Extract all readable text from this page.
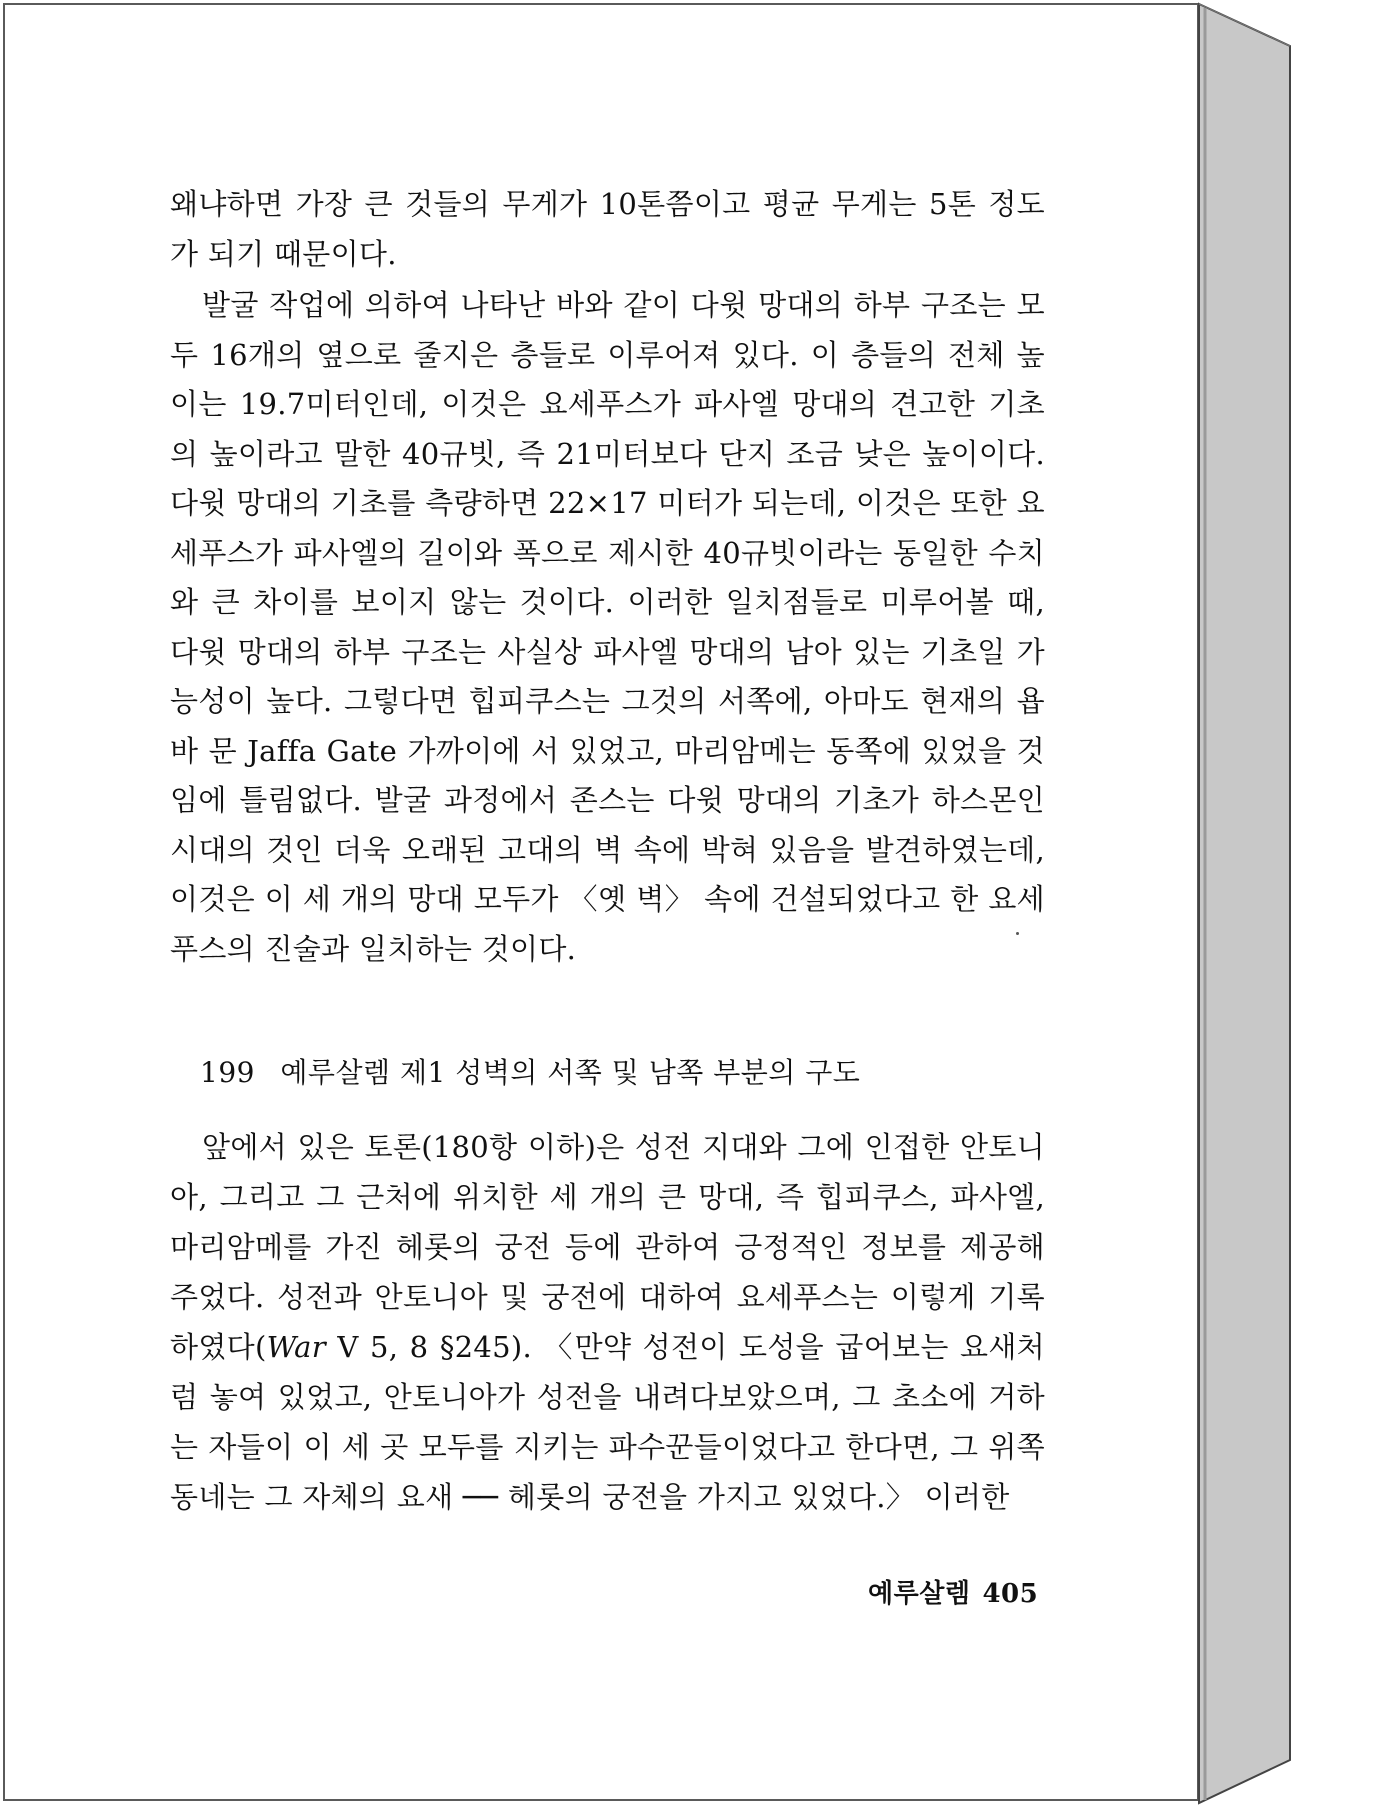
왜냐하면 가장 큰 것들의 무게가 10톤쯤이고 평균 무게는 5톤 정도가 되기 때문이다.

발굴 작업에 의하여 나타난 바와 같이 다윗 망대의 하부 구조는 모두 16개의 옆으로 줄지은 층들로 이루어져 있다. 이 층들의 전체 높이는 19.7미터인데, 이것은 요세푸스가 파사엘 망대의 견고한 기초의 높이라고 말한 40규빗, 즉 21미터보다 단지 조금 낮은 높이이다. 다윗 망대의 기초를 측량하면 22×17 미터가 되는데, 이것은 또한 요세푸스가 파사엘의 길이와 폭으로 제시한 40규빗이라는 동일한 수치와 큰 차이를 보이지 않는 것이다. 이러한 일치점들로 미루어볼 때, 다윗 망대의 하부 구조는 사실상 파사엘 망대의 남아 있는 기초일 가능성이 높다. 그렇다면 힙피쿠스는 그것의 서쪽에, 아마도 현재의 욥바 문 Jaffa Gate 가까이에 서 있었고, 마리암메는 동쪽에 있었을 것임에 틀림없다. 발굴 과정에서 존스는 다윗 망대의 기초가 하스몬인 시대의 것인 더욱 오래된 고대의 벽 속에 박혀 있음을 발견하였는데, 이것은 이 세 개의 망대 모두가 〈옛 벽〉 속에 건설되었다고 한 요세푸스의 진술과 일치하는 것이다.

199 예루살렘 제1 성벽의 서쪽 및 남쪽 부분의 구도

앞에서 있은 토론(180항 이하)은 성전 지대와 그에 인접한 안토니아, 그리고 그 근처에 위치한 세 개의 큰 망대, 즉 힙피쿠스, 파사엘, 마리암메를 가진 헤롯의 궁전 등에 관하여 긍정적인 정보를 제공해 주었다. 성전과 안토니아 및 궁전에 대하여 요세푸스는 이렇게 기록하였다(War V 5, 8 §245). 〈만약 성전이 도성을 굽어보는 요새처럼 놓여 있었고, 안토니아가 성전을 내려다보았으며, 그 초소에 거하는 자들이 이 세 곳 모두를 지키는 파수꾼들이었다고 한다면, 그 위쪽 동네는 그 자체의 요새 ── 헤롯의 궁전을 가지고 있었다.〉 이러한

예루살렘 405
